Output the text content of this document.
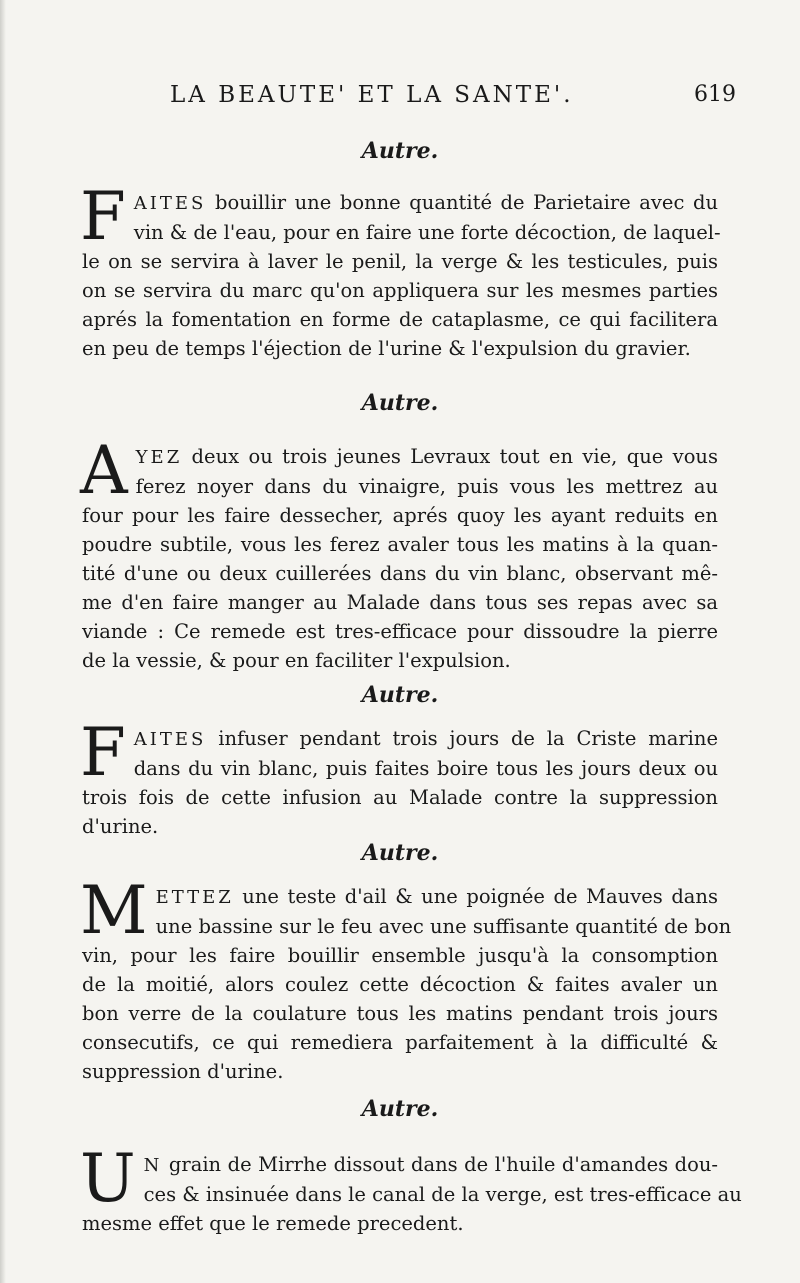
LA BEAUTE' ET LA SANTE'.	619
Autre.
F AITES bouillir une bonne quantité de Parietaire avec du
vin & de l'eau, pour en faire une forte décoction, de laquel-
le on se servira à laver le penil, la verge & les testicules, puis
on se servira du marc qu'on appliquera sur les mesmes parties
aprés la fomentation en forme de cataplasme, ce qui facilitera
en peu de temps l'éjection de l'urine & l'expulsion du gravier.
Autre.
A YEZ deux ou trois jeunes Levraux tout en vie, que vous
ferez noyer dans du vinaigre, puis vous les mettrez au
four pour les faire dessecher, aprés quoy les ayant reduits en
poudre subtile, vous les ferez avaler tous les matins à la quan-
tité d'une ou deux cuillerées dans du vin blanc, observant mê-
me d'en faire manger au Malade dans tous ses repas avec sa
viande : Ce remede est tres-efficace pour dissoudre la pierre
de la vessie, & pour en faciliter l'expulsion.
Autre.
F AITES infuser pendant trois jours de la Criste marine
dans du vin blanc, puis faites boire tous les jours deux ou
trois fois de cette infusion au Malade contre la suppression
d'urine.
Autre.
M ETTEZ une teste d'ail & une poignée de Mauves dans
une bassine sur le feu avec une suffisante quantité de bon
vin, pour les faire bouillir ensemble jusqu'à la consomption
de la moitié, alors coulez cette décoction & faites avaler un
bon verre de la coulature tous les matins pendant trois jours
consecutifs, ce qui remediera parfaitement à la difficulté &
suppression d'urine.
Autre.
U N grain de Mirrhe dissout dans de l'huile d'amandes dou-
ces & insinuée dans le canal de la verge, est tres-efficace au
mesme effet que le remede precedent.
